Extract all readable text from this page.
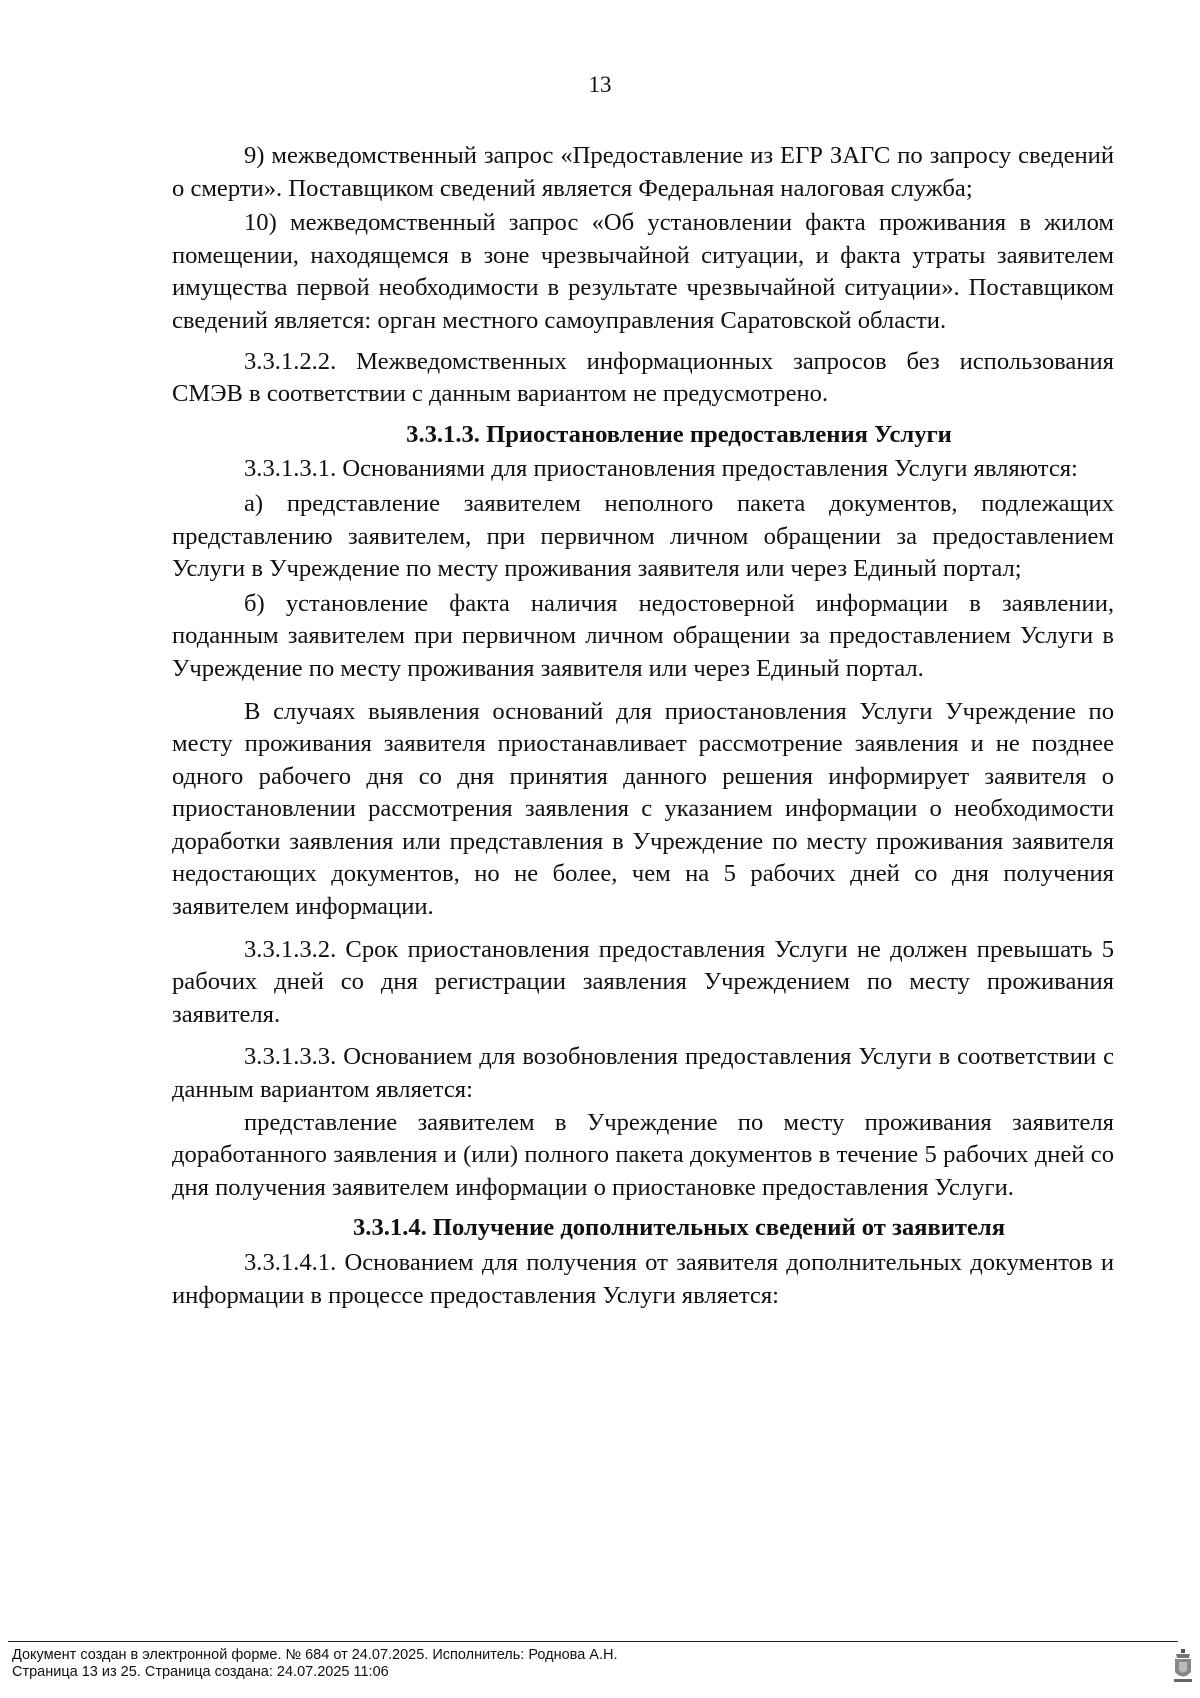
13

9) межведомственный запрос «Предоставление из ЕГР ЗАГС по запросу сведений о смерти». Поставщиком сведений является Федеральная налоговая служба;

10) межведомственный запрос «Об установлении факта проживания в жилом помещении, находящемся в зоне чрезвычайной ситуации, и факта утраты заявителем имущества первой необходимости в результате чрезвычайной ситуации». Поставщиком сведений является: орган местного самоуправления Саратовской области.

3.3.1.2.2. Межведомственных информационных запросов без использования СМЭВ в соответствии с данным вариантом не предусмотрено.

3.3.1.3. Приостановление предоставления Услуги

3.3.1.3.1. Основаниями для приостановления предоставления Услуги являются:

а) представление заявителем неполного пакета документов, подлежащих представлению заявителем, при первичном личном обращении за предоставлением Услуги в Учреждение по месту проживания заявителя или через Единый портал;

б) установление факта наличия недостоверной информации в заявлении, поданным заявителем при первичном личном обращении за предоставлением Услуги в Учреждение по месту проживания заявителя или через Единый портал.

В случаях выявления оснований для приостановления Услуги Учреждение по месту проживания заявителя приостанавливает рассмотрение заявления и не позднее одного рабочего дня со дня принятия данного решения информирует заявителя о приостановлении рассмотрения заявления с указанием информации о необходимости доработки заявления или представления в Учреждение по месту проживания заявителя недостающих документов, но не более, чем на 5 рабочих дней со дня получения заявителем информации.

3.3.1.3.2. Срок приостановления предоставления Услуги не должен превышать 5 рабочих дней со дня регистрации заявления Учреждением по месту проживания заявителя.

3.3.1.3.3. Основанием для возобновления предоставления Услуги в соответствии с данным вариантом является:

представление заявителем в Учреждение по месту проживания заявителя доработанного заявления и (или) полного пакета документов в течение 5 рабочих дней со дня получения заявителем информации о приостановке предоставления Услуги.

3.3.1.4. Получение дополнительных сведений от заявителя

3.3.1.4.1. Основанием для получения от заявителя дополнительных документов и информации в процессе предоставления Услуги является:

Документ создан в электронной форме. № 684 от 24.07.2025. Исполнитель: Роднова А.Н.
Страница 13 из 25. Страница создана: 24.07.2025 11:06
